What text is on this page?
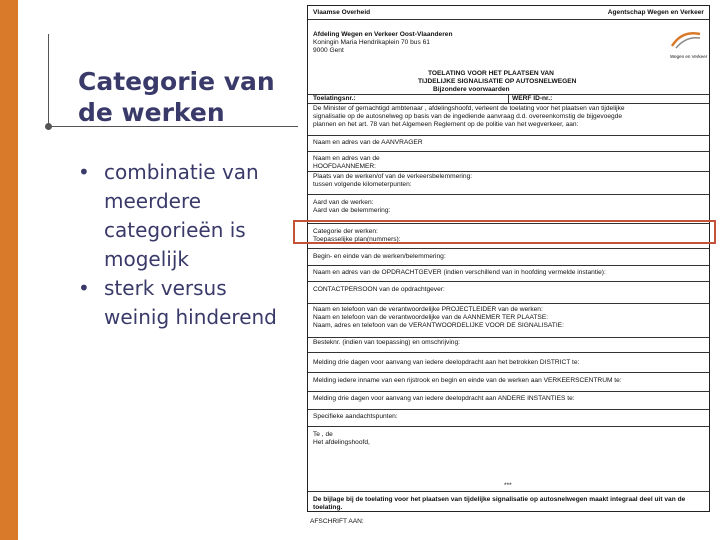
Categorie van
de werken
• combinatie van
meerdere
categorieën is
mogelijk
• sterk versus
weinig hinderend
Vlaamse Overheid	Agentschap Wegen en Verkeer
Afdeling Wegen en Verkeer Oost-Vlaanderen
Koningin Maria Hendrikaplein 70 bus 61
9000 Gent
Wegen en Verkeer
TOELATING VOOR HET PLAATSEN VAN
TIJDELIJKE SIGNALISATIE OP AUTOSNELWEGEN
Bijzondere voorwaarden
Toelatingsnr.:	WERF ID-nr.:
De Minister of gemachtigd ambtenaar , afdelingshoofd, verleent de toelating voor het plaatsen van tijdelijke
signalisatie op de autosnelweg op basis van de ingediende aanvraag d.d. overeenkomstig de bijgevoegde
plannen en het art. 78 van het Algemeen Reglement op de politie van het wegverkeer, aan:
Naam en adres van de AANVRAGER
Naam en adres van de
HOOFDAANNEMER:
Plaats van de werken/of van de verkeersbelemmering:
tussen volgende kilometerpunten:
Aard van de werken:
Aard van de belemmering:
Categorie der werken:
Toepasselijke plan(nummers):
Begin- en einde van de werken/belemmering:
Naam en adres van de OPDRACHTGEVER (indien verschillend van in hoofding vermelde instantie):
CONTACTPERSOON van de opdrachtgever:
Naam en telefoon van de verantwoordelijke PROJECTLEIDER van de werken:
Naam en telefoon van de verantwoordelijke van de AANNEMER TER PLAATSE:
Naam, adres en telefoon van de VERANTWOORDELIJKE VOOR DE SIGNALISATIE:
Besteknr. (indien van toepassing) en omschrijving:
Melding drie dagen voor aanvang van iedere deelopdracht aan het betrokken DISTRICT te:
Melding iedere inname van een rijstrook en begin en einde van de werken aan VERKEERSCENTRUM te:
Melding drie dagen voor aanvang van iedere deelopdracht aan ANDERE INSTANTIES te:
Specifieke aandachtspunten:
Te , de
Het afdelingshoofd,
***
De bijlage bij de toelating voor het plaatsen van tijdelijke signalisatie op autosnelwegen maakt integraal deel uit van de
toelating.
AFSCHRIFT AAN:
